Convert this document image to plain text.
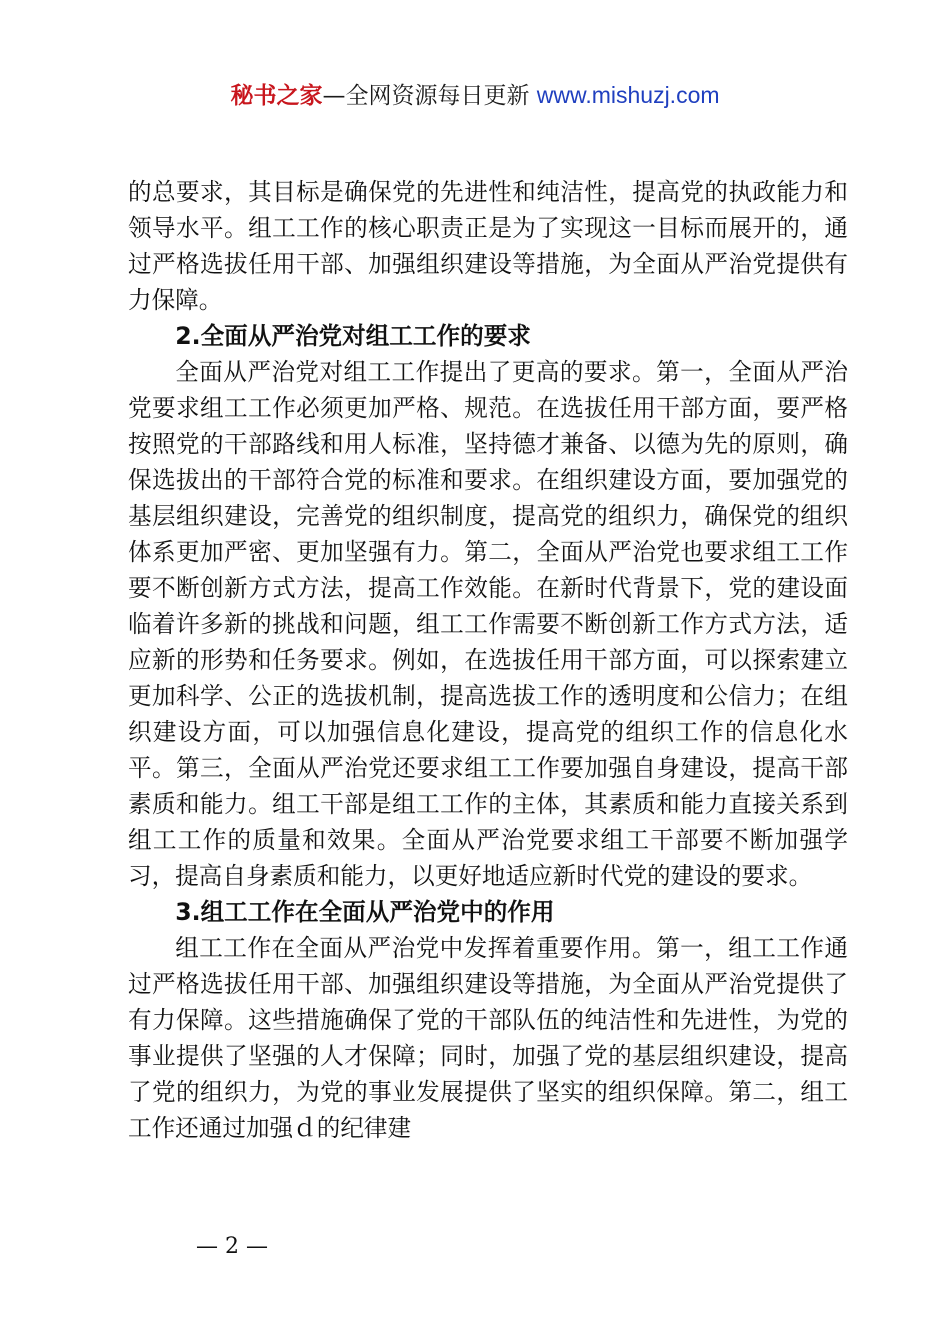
秘书之家—全网资源每日更新 www.mishuzj.com

的总要求，其目标是确保党的先进性和纯洁性，提高党的执政能力和领导水平。组工工作的核心职责正是为了实现这一目标而展开的，通过严格选拔任用干部、加强组织建设等措施，为全面从严治党提供有力保障。

2.全面从严治党对组工工作的要求

全面从严治党对组工工作提出了更高的要求。第一，全面从严治党要求组工工作必须更加严格、规范。在选拔任用干部方面，要严格按照党的干部路线和用人标准，坚持德才兼备、以德为先的原则，确保选拔出的干部符合党的标准和要求。在组织建设方面，要加强党的基层组织建设，完善党的组织制度，提高党的组织力，确保党的组织体系更加严密、更加坚强有力。第二，全面从严治党也要求组工工作要不断创新方式方法，提高工作效能。在新时代背景下，党的建设面临着许多新的挑战和问题，组工工作需要不断创新工作方式方法，适应新的形势和任务要求。例如，在选拔任用干部方面，可以探索建立更加科学、公正的选拔机制，提高选拔工作的透明度和公信力；在组织建设方面，可以加强信息化建设，提高党的组织工作的信息化水平。第三，全面从严治党还要求组工工作要加强自身建设，提高干部素质和能力。组工干部是组工工作的主体，其素质和能力直接关系到组工工作的质量和效果。全面从严治党要求组工干部要不断加强学习，提高自身素质和能力，以更好地适应新时代党的建设的要求。

3.组工工作在全面从严治党中的作用

组工工作在全面从严治党中发挥着重要作用。第一，组工工作通过严格选拔任用干部、加强组织建设等措施，为全面从严治党提供了有力保障。这些措施确保了党的干部队伍的纯洁性和先进性，为党的事业提供了坚强的人才保障；同时，加强了党的基层组织建设，提高了党的组织力，为党的事业发展提供了坚实的组织保障。第二，组工工作还通过加强ｄ的纪律建

— 2 —
